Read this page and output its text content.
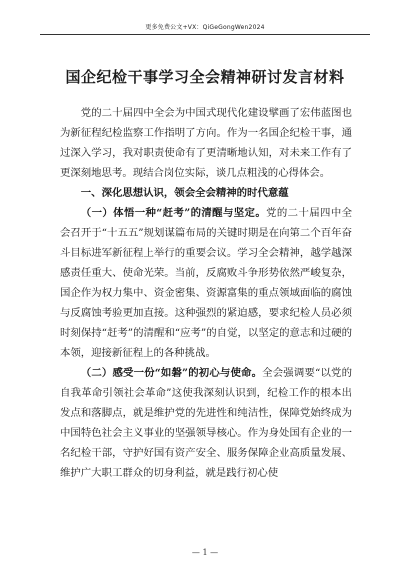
更多免费公文+VX：QiGeGongWen2024
国企纪检干事学习全会精神研讨发言材料

党的二十届四中全会为中国式现代化建设擘画了宏伟蓝图也为新征程纪检监察工作指明了方向。作为一名国企纪检干事，通过深入学习，我对职责使命有了更清晰地认知，对未来工作有了更深刻地思考。现结合岗位实际，谈几点粗浅的心得体会。

一、深化思想认识，领会全会精神的时代意蕴

（一）体悟一种“赶考”的清醒与坚定。党的二十届四中全会召开于“十五五”规划谋篇布局的关键时期是在向第二个百年奋斗目标进军新征程上举行的重要会议。学习全会精神，越学越深感责任重大、使命光荣。当前，反腐败斗争形势依然严峻复杂，国企作为权力集中、资金密集、资源富集的重点领域面临的腐蚀与反腐蚀考验更加直接。这种强烈的紧迫感，要求纪检人员必须时刻保持“赶考”的清醒和“应考”的自觉，以坚定的意志和过硬的本领，迎接新征程上的各种挑战。

（二）感受一份“如磐”的初心与使命。全会强调要“以党的自我革命引领社会革命”这使我深刻认识到，纪检工作的根本出发点和落脚点，就是维护党的先进性和纯洁性，保障党始终成为中国特色社会主义事业的坚强领导核心。作为身处国有企业的一名纪检干部，守护好国有资产安全、服务保障企业高质量发展、维护广大职工群众的切身利益，就是践行初心使

— 1 —
